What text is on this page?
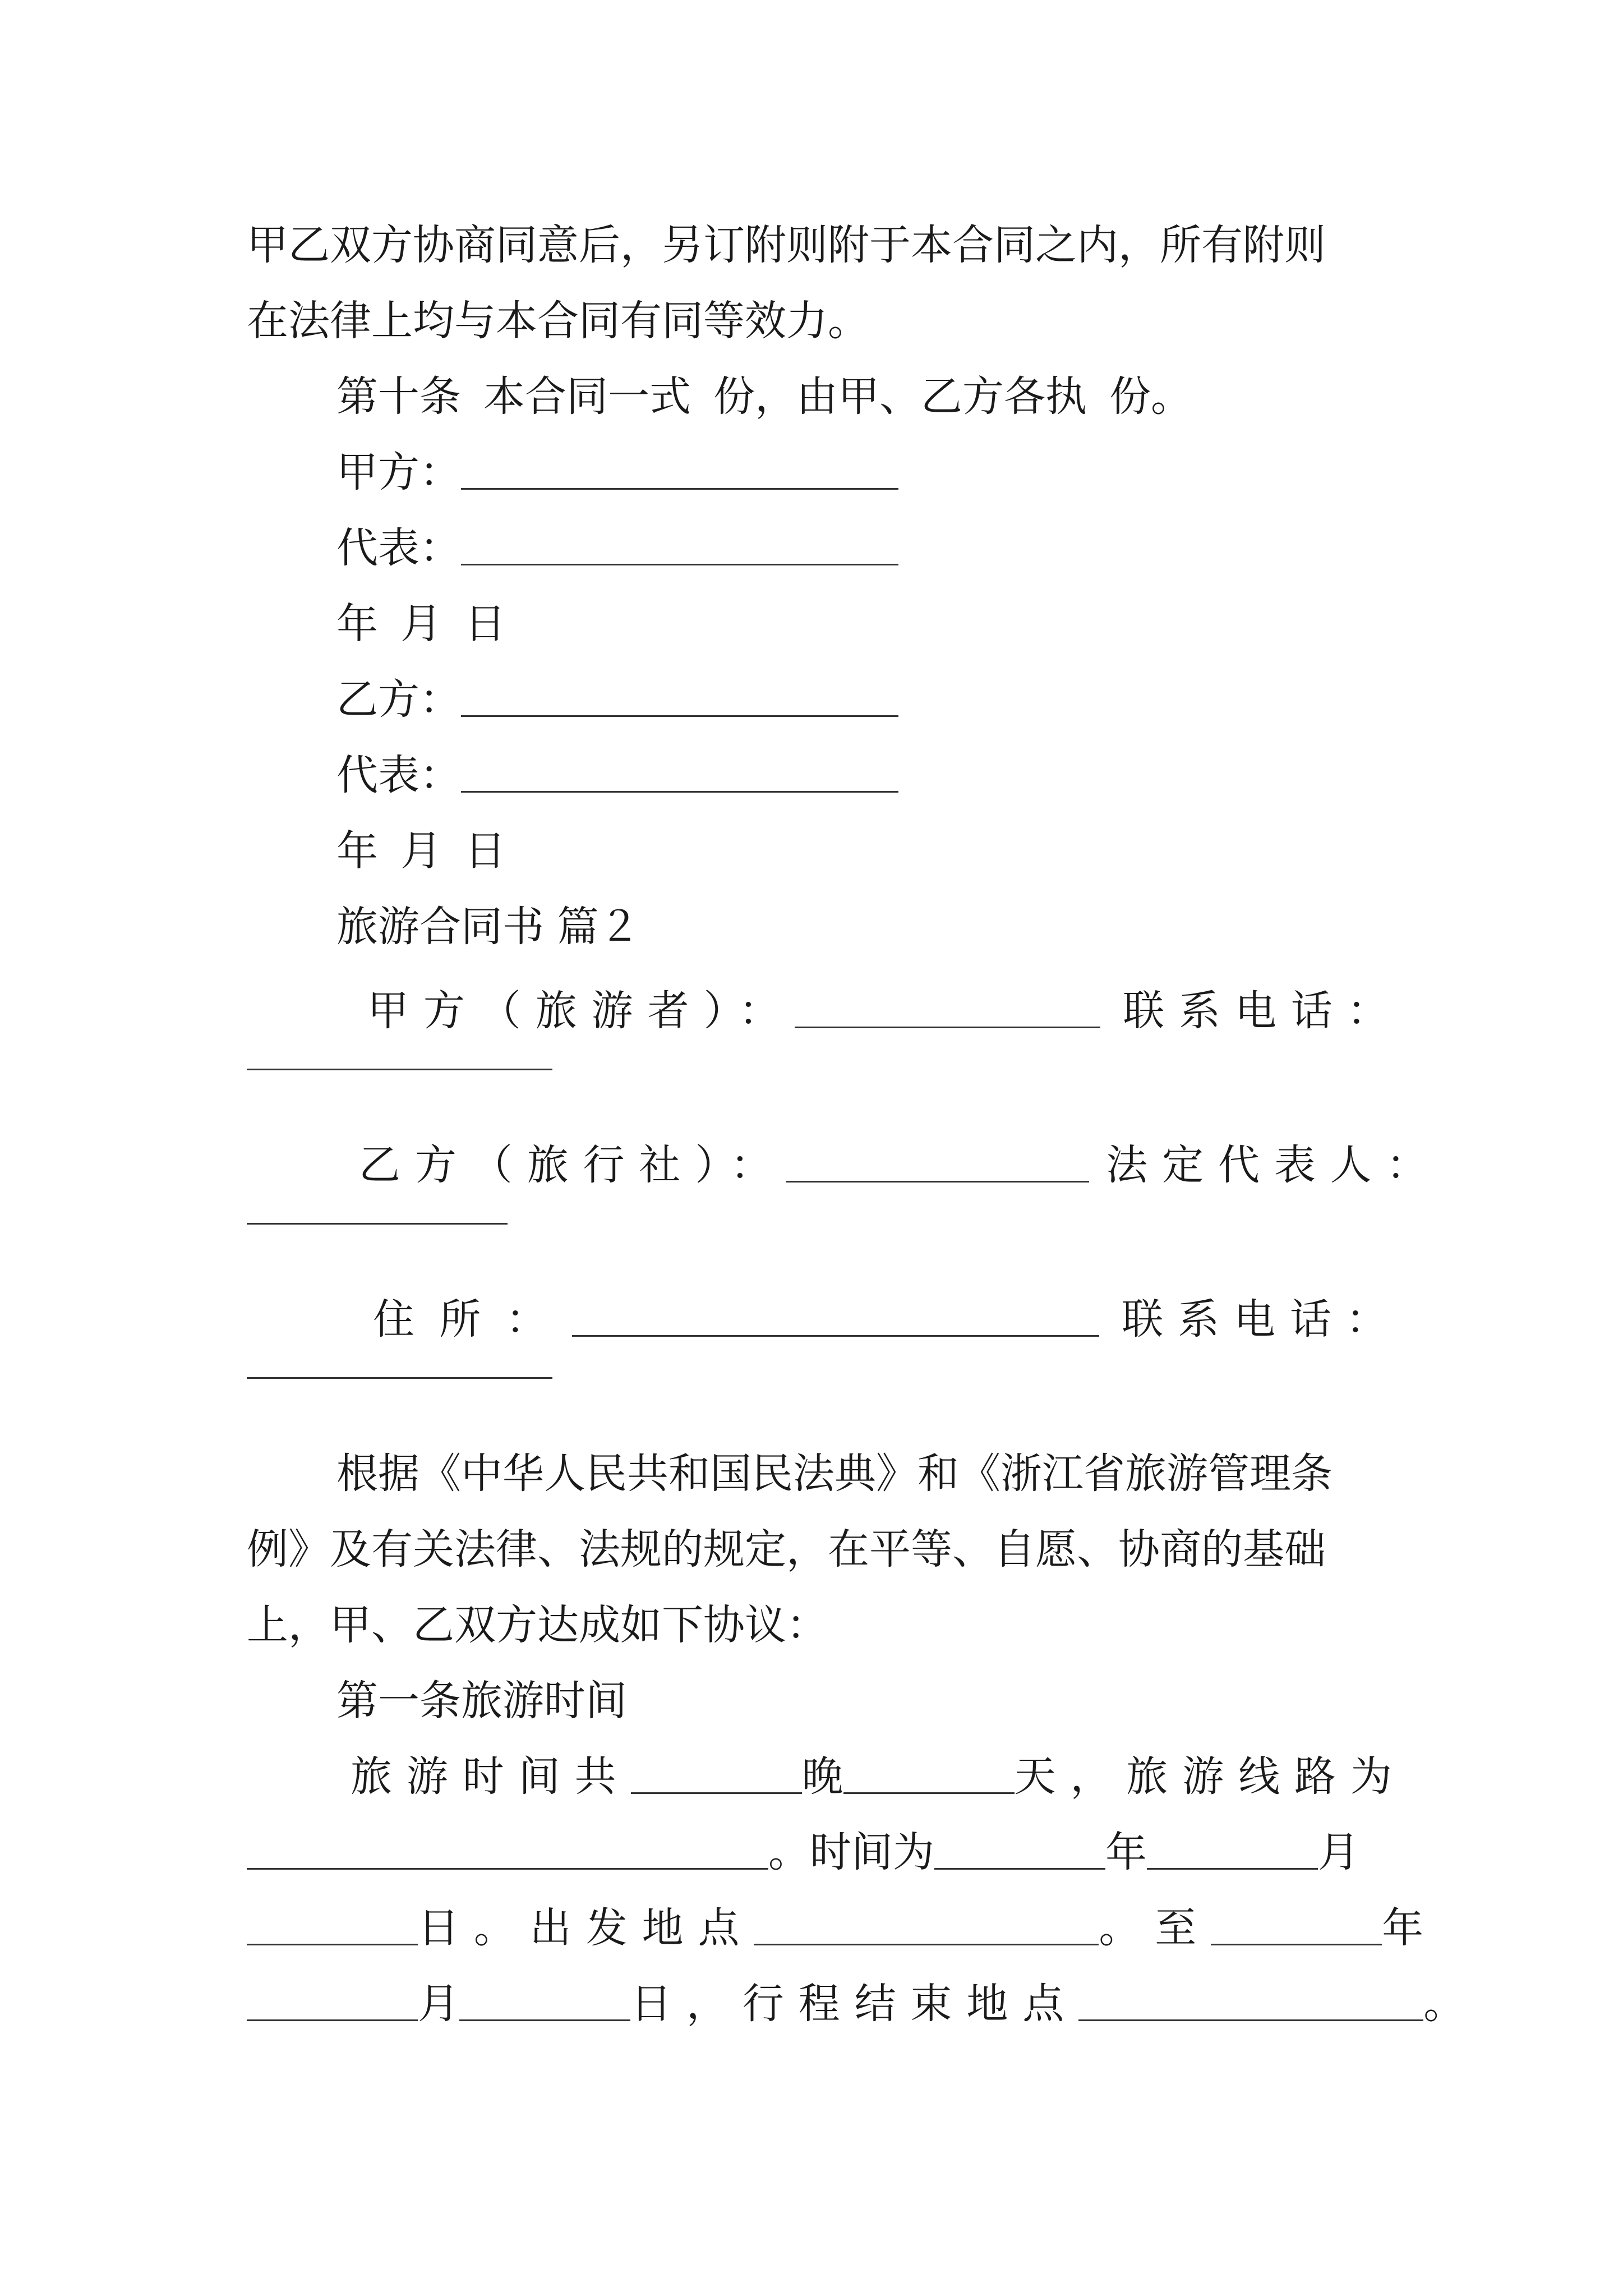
甲乙双方协商同意后，另订附则附于本合同之内，所有附则
在法律上均与本合同有同等效力。
第十条 本合同一式 份，由甲、乙方各执 份。
甲方：
代表：
年 月 日
乙方：
代表：
年 月 日
旅游合同书 篇２
甲方（旅游者）：	联系电话：
乙方（旅行社）：	法定代表人：
住所：	联系电话：
根据《中华人民共和国民法典》和《浙江省旅游管理条
例》及有关法律、法规的规定，在平等、自愿、协商的基础
上，甲、乙双方达成如下协议：
第一条旅游时间
旅游时间共	晚	天，旅游线路为
。时间为	年	月
日。出发地点	。至	年
月	日，行程结束地点	。
